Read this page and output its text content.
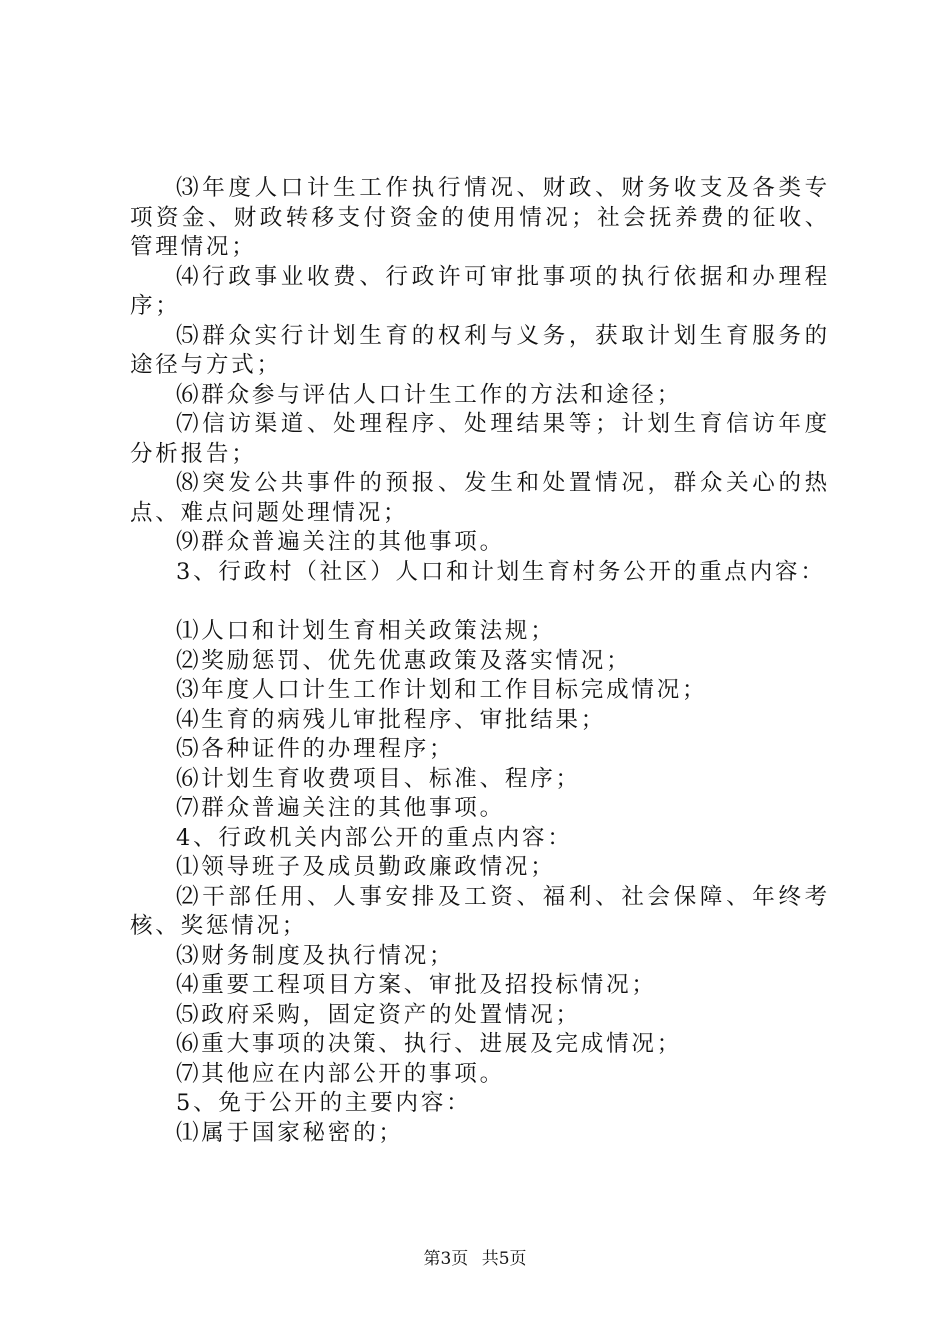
⑶年度人口计生工作执行情况、财政、财务收支及各类专项资金、财政转移支付资金的使用情况；社会抚养费的征收、管理情况；

⑷行政事业收费、行政许可审批事项的执行依据和办理程序；

⑸群众实行计划生育的权利与义务，获取计划生育服务的途径与方式；

⑹群众参与评估人口计生工作的方法和途径；

⑺信访渠道、处理程序、处理结果等；计划生育信访年度分析报告；

⑻突发公共事件的预报、发生和处置情况，群众关心的热点、难点问题处理情况；

⑼群众普遍关注的其他事项。

3、行政村（社区）人口和计划生育村务公开的重点内容：

⑴人口和计划生育相关政策法规；

⑵奖励惩罚、优先优惠政策及落实情况；

⑶年度人口计生工作计划和工作目标完成情况；

⑷生育的病残儿审批程序、审批结果；

⑸各种证件的办理程序；

⑹计划生育收费项目、标准、程序；

⑺群众普遍关注的其他事项。

4、行政机关内部公开的重点内容：

⑴领导班子及成员勤政廉政情况；

⑵干部任用、人事安排及工资、福利、社会保障、年终考核、奖惩情况；

⑶财务制度及执行情况；

⑷重要工程项目方案、审批及招投标情况；

⑸政府采购，固定资产的处置情况；

⑹重大事项的决策、执行、进展及完成情况；

⑺其他应在内部公开的事项。

5、免于公开的主要内容：

⑴属于国家秘密的；

第3页 共5页
